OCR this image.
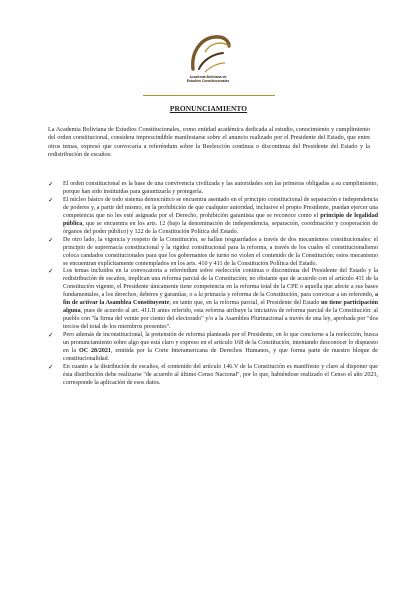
Academia Boliviana de
Estudios Constitucionales
PRONUNCIAMIENTO

La Academia Boliviana de Estudios Constitucionales, como entidad académica dedicada al estudio, conocimiento y cumplimiento del orden constitucional, considera imprescindible manifestarse sobre el anuncio realizado por el Presidente del Estado, que entre otros temas, expresó que convocaría a referéndum sobre la Reelección continua o discontinua del Presidente del Estado y la redistribución de escaños:

✓	El orden constitucional es la base de una convivencia civilizada y las autoridades son las primeras obligadas a su cumplimiento, porque han sido instituidas para garantizarla y protegerla.
✓	El núcleo básico de todo sistema democrático se encuentra asentado en el principio constitucional de separación e independencia de poderes y, a partir del mismo, en la prohibición de que cualquier autoridad, inclusive el propio Presidente, puedan ejercer una competencia que no les esté asignada por el Derecho, prohibición garantista que se reconoce como el principio de legalidad pública, que se encuentra en los arts. 12 (bajo la denominación de independencia, separación, coordinación y cooperación de órganos del poder público) y 122 de la Constitución Política del Estado.
✓	De otro lado, la vigencia y respeto de la Constitución, se hallan resguardados a través de dos mecanismos constitucionales: el principio de supremacía constitucional y la rigidez constitucional para la reforma, a través de los cuales el constitucionalismo coloca candados constitucionales para que los gobernantes de turno no violen el contenido de la Constitución; estos mecanismo se encuentran explícitamente contemplados en los arts. 410 y 411 de la Constitución Política del Estado.
✓	Los temas incluidos en la convocatoria a referéndum sobre reelección continua o discontinua del Presidente del Estado y la redistribución de escaños, implican una reforma parcial de la Constitución; no obstante que de acuerdo con el artículo 411 de la Constitución vigente, el Presidente únicamente tiene competencia en la reforma total de la CPE o aquella que afecte a sus bases fundamentales, a los derechos, deberes y garantías, o a la primacía y reforma de la Constitución, para convocar a un referendo, a fin de activar la Asamblea Constituyente; en tanto que, en la reforma parcial, el Presidente del Estado no tiene participación alguna, pues de acuerdo al art. 411.II antes referido, esta reforma atribuye la iniciativa de reforma parcial de la Constitución: al pueblo con "la firma del veinte por ciento del electorado" y/o a la Asamblea Plurinacional a través de una ley, aprobada por "dos tercios del total de los miembros presentes".
✓	Pero además de inconstitucional, la pretensión de reforma planteada por el Presidente, en lo que concierne a la reelección, busca un pronunciamiento sobre algo que está claro y expreso en el artículo 168 de la Constitución, intentando desconocer lo dispuesto en la OC 28/2021, emitida por la Corte Interamericana de Derechos Humanos, y que forma parte de nuestro bloque de constitucionalidad.
✓	En cuanto a la distribución de escaños, el contenido del artículo 146.V de la Constitución es manifiesto y claro al disponer que ésta distribución debe realizarse "de acuerdo al último Censo Nacional", por lo que, habiéndose realizado el Censo el año 2023, corresponde la aplicación de esos datos.
